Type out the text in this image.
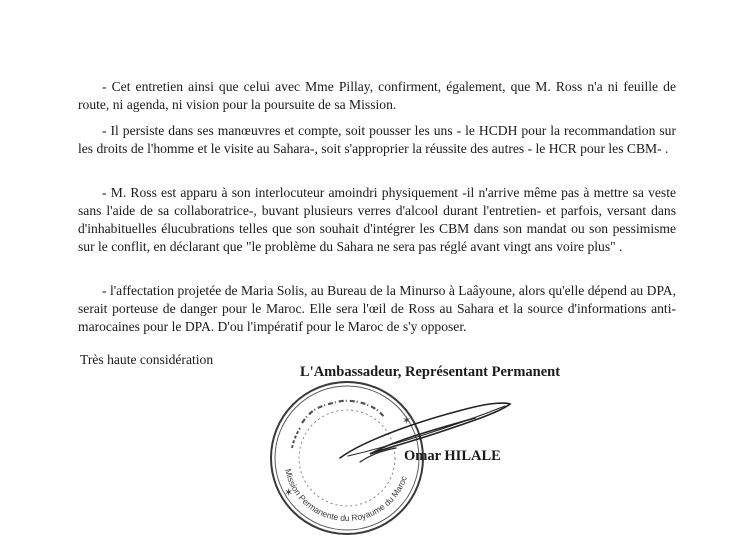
- Cet entretien ainsi que celui avec Mme Pillay, confirment, également, que M. Ross n'a ni feuille de route, ni agenda, ni vision pour la poursuite de sa Mission.

- Il persiste dans ses manœuvres et compte, soit pousser les uns - le HCDH pour la recommandation sur les droits de l'homme et le visite au Sahara-, soit s'approprier la réussite des autres - le HCR pour les CBM- .

- M. Ross est apparu à son interlocuteur amoindri physiquement -il n'arrive même pas à mettre sa veste sans l'aide de sa collaboratrice-, buvant plusieurs verres d'alcool durant l'entretien- et parfois, versant dans d'inhabituelles élucubrations telles que son souhait d'intégrer les CBM dans son mandat ou son pessimisme sur le conflit, en déclarant que "le problème du Sahara ne sera pas réglé avant vingt ans voire plus" .

- l'affectation projetée de Maria Solis, au Bureau de la Minurso à Laâyoune, alors qu'elle dépend au DPA, serait porteuse de danger pour le Maroc. Elle sera l'œil de Ross au Sahara et la source d'informations anti-marocaines pour le DPA. D'ou l'impératif pour le Maroc de s'y opposer.

Très haute considération

✶
✶
Mission Permanente du Royaume du Maroc

L'Ambassadeur, Représentant Permanent

Omar HILALE
